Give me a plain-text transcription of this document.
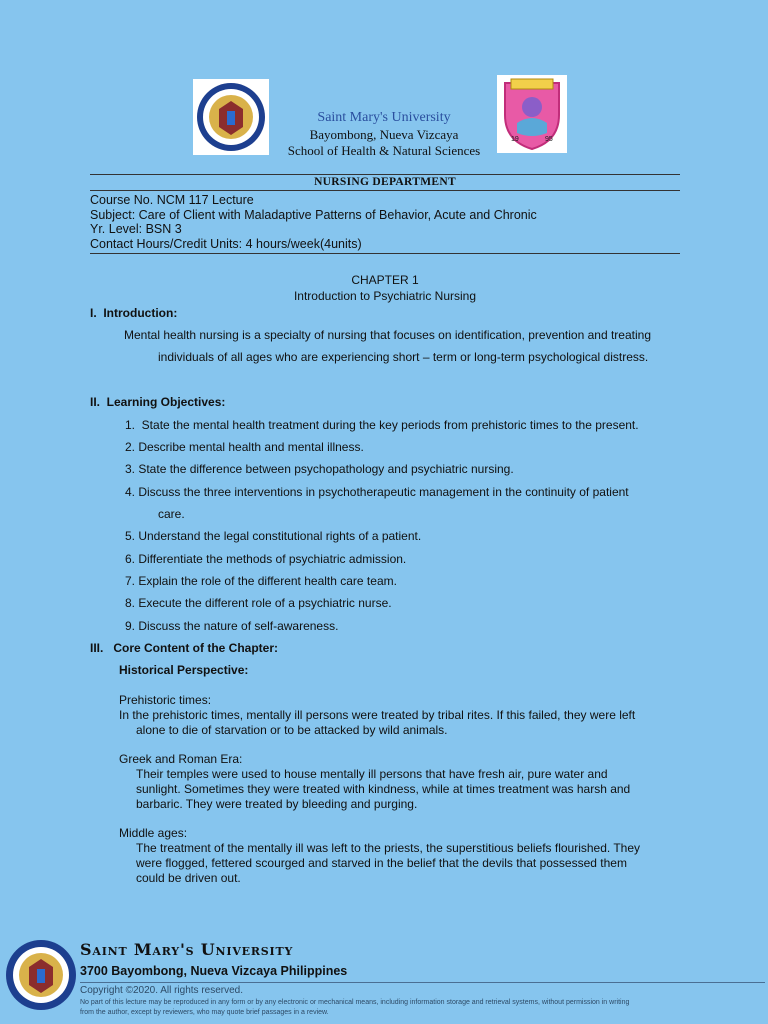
19	95
Saint Mary's University
Bayombong, Nueva Vizcaya
School of Health & Natural Sciences
NURSING DEPARTMENT
Course No. NCM 117 Lecture
Subject: Care of Client with Maladaptive Patterns of Behavior, Acute and Chronic
Yr. Level: BSN 3
Contact Hours/Credit Units: 4 hours/week(4units)
CHAPTER 1
Introduction to Psychiatric Nursing
I.  Introduction:
Mental health nursing is a specialty of nursing that focuses on identification, prevention and treating
individuals of all ages who are experiencing short – term or long-term psychological distress.
II.  Learning Objectives:
1.  State the mental health treatment during the key periods from prehistoric times to the present.
2. Describe mental health and mental illness.
3. State the difference between psychopathology and psychiatric nursing.
4. Discuss the three interventions in psychotherapeutic management in the continuity of patient
care.
5. Understand the legal constitutional rights of a patient.
6. Differentiate the methods of psychiatric admission.
7. Explain the role of the different health care team.
8. Execute the different role of a psychiatric nurse.
9. Discuss the nature of self-awareness.
III.   Core Content of the Chapter:
Historical Perspective:
Prehistoric times:
In the prehistoric times, mentally ill persons were treated by tribal rites. If this failed, they were left
alone to die of starvation or to be attacked by wild animals.
Greek and Roman Era:
Their temples were used to house mentally ill persons that have fresh air, pure water and
sunlight. Sometimes they were treated with kindness, while at times treatment was harsh and
barbaric. They were treated by bleeding and purging.
Middle ages:
The treatment of the mentally ill was left to the priests, the superstitious beliefs flourished. They
were flogged, fettered scourged and starved in the belief that the devils that possessed them
could be driven out.
Saint Mary's University
3700 Bayombong, Nueva Vizcaya Philippines
Copyright ©2020. All rights reserved.
No part of this lecture may be reproduced in any form or by any electronic or mechanical means, including information storage and retrieval systems, without permission in writing
from the author, except by reviewers, who may quote brief passages in a review.
